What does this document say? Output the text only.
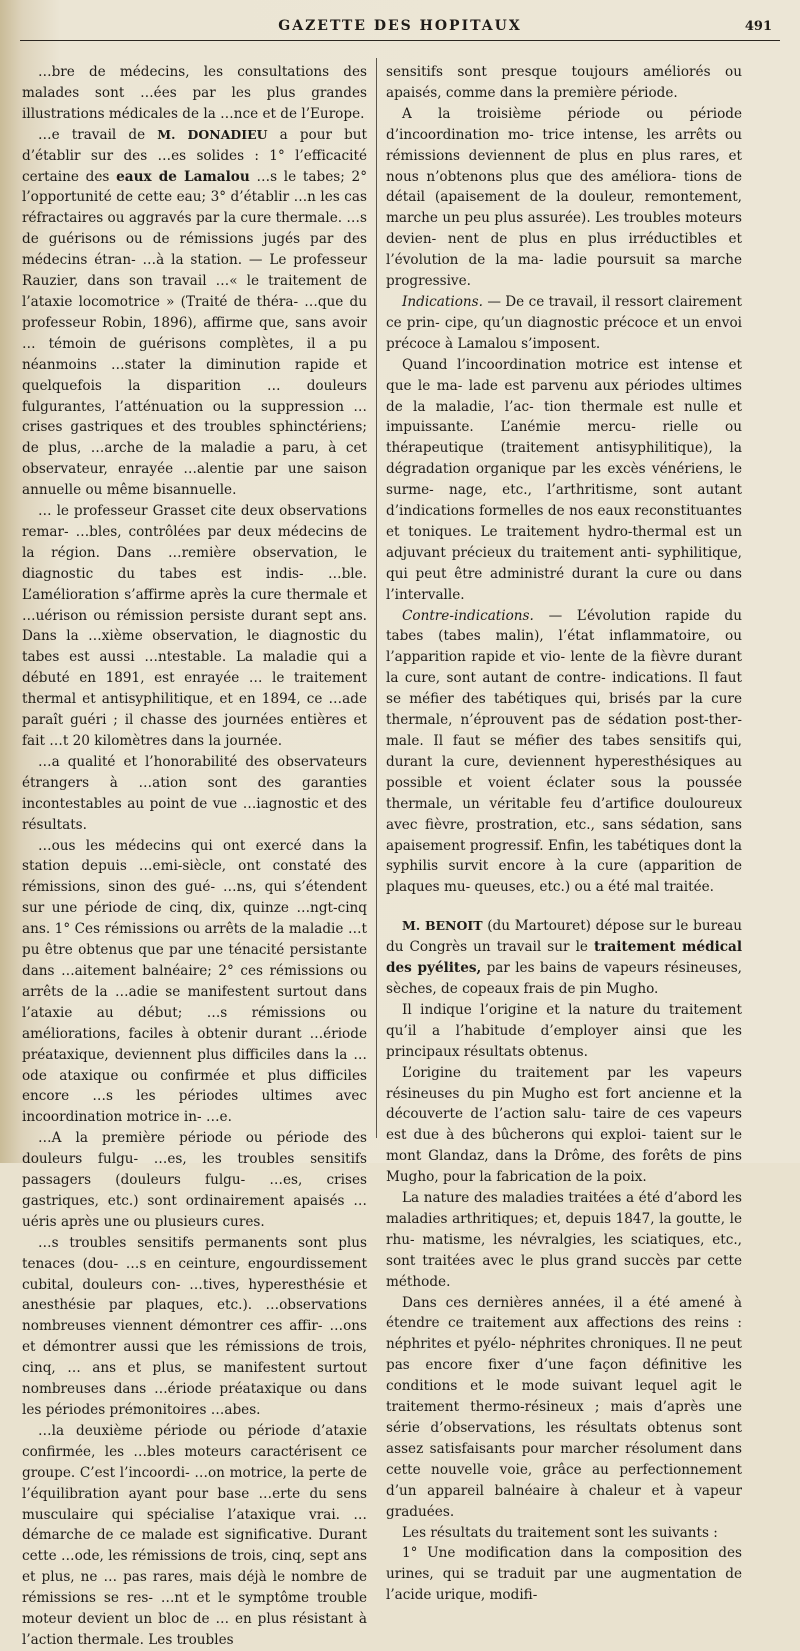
GAZETTE DES HOPITAUX	491

…bre de médecins, les consultations des malades sont …ées par les plus grandes illustrations médicales de la …nce et de l’Europe.

…e travail de M. DONADIEU a pour but d’établir sur des …es solides : 1° l’efficacité certaine des eaux de Lamalou …s le tabes; 2° l’opportunité de cette eau; 3° d’établir …n les cas réfractaires ou aggravés par la cure thermale. …s de guérisons ou de rémissions jugés par des médecins étran- …à la station. — Le professeur Rauzier, dans son travail …« le traitement de l’ataxie locomotrice » (Traité de théra- …que du professeur Robin, 1896), affirme que, sans avoir … témoin de guérisons complètes, il a pu néanmoins …stater la diminution rapide et quelquefois la disparition … douleurs fulgurantes, l’atténuation ou la suppression …crises gastriques et des troubles sphinctériens; de plus, …arche de la maladie a paru, à cet observateur, enrayée …alentie par une saison annuelle ou même bisannuelle.

… le professeur Grasset cite deux observations remar- …bles, contrôlées par deux médecins de la région. Dans …remière observation, le diagnostic du tabes est indis- …ble. L’amélioration s’affirme après la cure thermale et …uérison ou rémission persiste durant sept ans. Dans la …xième observation, le diagnostic du tabes est aussi …ntestable. La maladie qui a débuté en 1891, est enrayée … le traitement thermal et antisyphilitique, et en 1894, ce …ade paraît guéri ; il chasse des journées entières et fait …t 20 kilomètres dans la journée.

…a qualité et l’honorabilité des observateurs étrangers à …ation sont des garanties incontestables au point de vue …iagnostic et des résultats.

…ous les médecins qui ont exercé dans la station depuis …emi-siècle, ont constaté des rémissions, sinon des gué- …ns, qui s’étendent sur une période de cinq, dix, quinze …ngt-cinq ans. 1° Ces rémissions ou arrêts de la maladie …t pu être obtenus que par une ténacité persistante dans …aitement balnéaire; 2° ces rémissions ou arrêts de la …adie se manifestent surtout dans l’ataxie au début; …s rémissions ou améliorations, faciles à obtenir durant …ériode préataxique, deviennent plus difficiles dans la …ode ataxique ou confirmée et plus difficiles encore …s les périodes ultimes avec incoordination motrice in- …e.

…A la première période ou période des douleurs fulgu- …es, les troubles sensitifs passagers (douleurs fulgu- …es, crises gastriques, etc.) sont ordinairement apaisés …uéris après une ou plusieurs cures.

…s troubles sensitifs permanents sont plus tenaces (dou- …s en ceinture, engourdissement cubital, douleurs con- …tives, hyperesthésie et anesthésie par plaques, etc.). …observations nombreuses viennent démontrer ces affir- …ons et démontrer aussi que les rémissions de trois, cinq, … ans et plus, se manifestent surtout nombreuses dans …ériode préataxique ou dans les périodes prémonitoires …abes.

…la deuxième période ou période d’ataxie confirmée, les …bles moteurs caractérisent ce groupe. C’est l’incoordi- …on motrice, la perte de l’équilibration ayant pour base …erte du sens musculaire qui spécialise l’ataxique vrai. …démarche de ce malade est significative. Durant cette …ode, les rémissions de trois, cinq, sept ans et plus, ne … pas rares, mais déjà le nombre de rémissions se res- …nt et le symptôme trouble moteur devient un bloc de … en plus résistant à l’action thermale. Les troubles

sensitifs sont presque toujours améliorés ou apaisés, comme dans la première période.

A la troisième période ou période d’incoordination mo- trice intense, les arrêts ou rémissions deviennent de plus en plus rares, et nous n’obtenons plus que des améliora- tions de détail (apaisement de la douleur, remontement, marche un peu plus assurée). Les troubles moteurs devien- nent de plus en plus irréductibles et l’évolution de la ma- ladie poursuit sa marche progressive.

Indications. — De ce travail, il ressort clairement ce prin- cipe, qu’un diagnostic précoce et un envoi précoce à Lamalou s’imposent.

Quand l’incoordination motrice est intense et que le ma- lade est parvenu aux périodes ultimes de la maladie, l’ac- tion thermale est nulle et impuissante. L’anémie mercu- rielle ou thérapeutique (traitement antisyphilitique), la dégradation organique par les excès vénériens, le surme- nage, etc., l’arthritisme, sont autant d’indications formelles de nos eaux reconstituantes et toniques. Le traitement hydro-thermal est un adjuvant précieux du traitement anti- syphilitique, qui peut être administré durant la cure ou dans l’intervalle.

Contre-indications. — L’évolution rapide du tabes (tabes malin), l’état inflammatoire, ou l’apparition rapide et vio- lente de la fièvre durant la cure, sont autant de contre- indications. Il faut se méfier des tabétiques qui, brisés par la cure thermale, n’éprouvent pas de sédation post-ther- male. Il faut se méfier des tabes sensitifs qui, durant la cure, deviennent hyperesthésiques au possible et voient éclater sous la poussée thermale, un véritable feu d’artifice douloureux avec fièvre, prostration, etc., sans sédation, sans apaisement progressif. Enfin, les tabétiques dont la syphilis survit encore à la cure (apparition de plaques mu- queuses, etc.) ou a été mal traitée.

M. BENOIT (du Martouret) dépose sur le bureau du Congrès un travail sur le traitement médical des pyélites, par les bains de vapeurs résineuses, sèches, de copeaux frais de pin Mugho.

Il indique l’origine et la nature du traitement qu’il a l’habitude d’employer ainsi que les principaux résultats obtenus.

L’origine du traitement par les vapeurs résineuses du pin Mugho est fort ancienne et la découverte de l’action salu- taire de ces vapeurs est due à des bûcherons qui exploi- taient sur le mont Glandaz, dans la Drôme, des forêts de pins Mugho, pour la fabrication de la poix.

La nature des maladies traitées a été d’abord les maladies arthritiques; et, depuis 1847, la goutte, le rhu- matisme, les névralgies, les sciatiques, etc., sont traitées avec le plus grand succès par cette méthode.

Dans ces dernières années, il a été amené à étendre ce traitement aux affections des reins : néphrites et pyélo- néphrites chroniques. Il ne peut pas encore fixer d’une façon définitive les conditions et le mode suivant lequel agit le traitement thermo-résineux ; mais d’après une série d’observations, les résultats obtenus sont assez satisfaisants pour marcher résolument dans cette nouvelle voie, grâce au perfectionnement d’un appareil balnéaire à chaleur et à vapeur graduées.

Les résultats du traitement sont les suivants :

1° Une modification dans la composition des urines, qui se traduit par une augmentation de l’acide urique, modifi-
